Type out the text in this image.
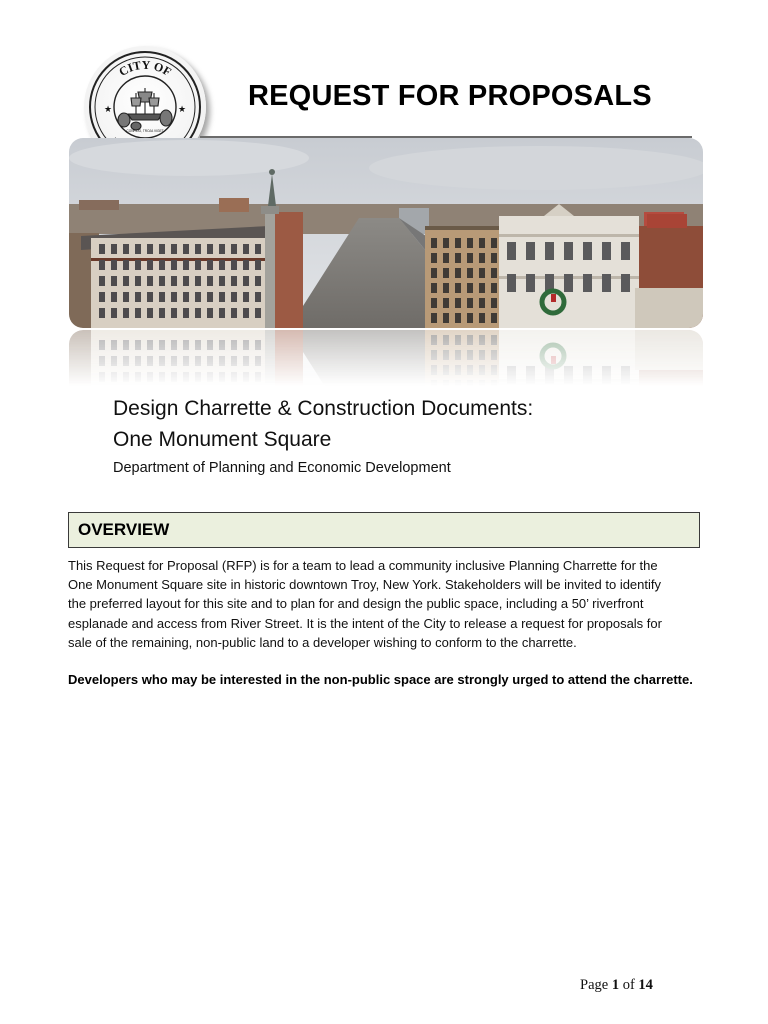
CITY OF
★	★
CONFIDO, TROJA VIGET
REQUEST FOR PROPOSALS
Design Charrette & Construction Documents:
One Monument Square
Department of Planning and Economic Development
OVERVIEW
This Request for Proposal (RFP) is for a team to lead a community inclusive Planning Charrette for the
One Monument Square site in historic downtown Troy, New York. Stakeholders will be invited to identify
the preferred layout for this site and to plan for and design the public space, including a 50’ riverfront
esplanade and access from River Street. It is the intent of the City to release a request for proposals for
sale of the remaining, non-public land to a developer wishing to conform to the charrette.
Developers who may be interested in the non-public space are strongly urged to attend the charrette.
Page 1 of 14
